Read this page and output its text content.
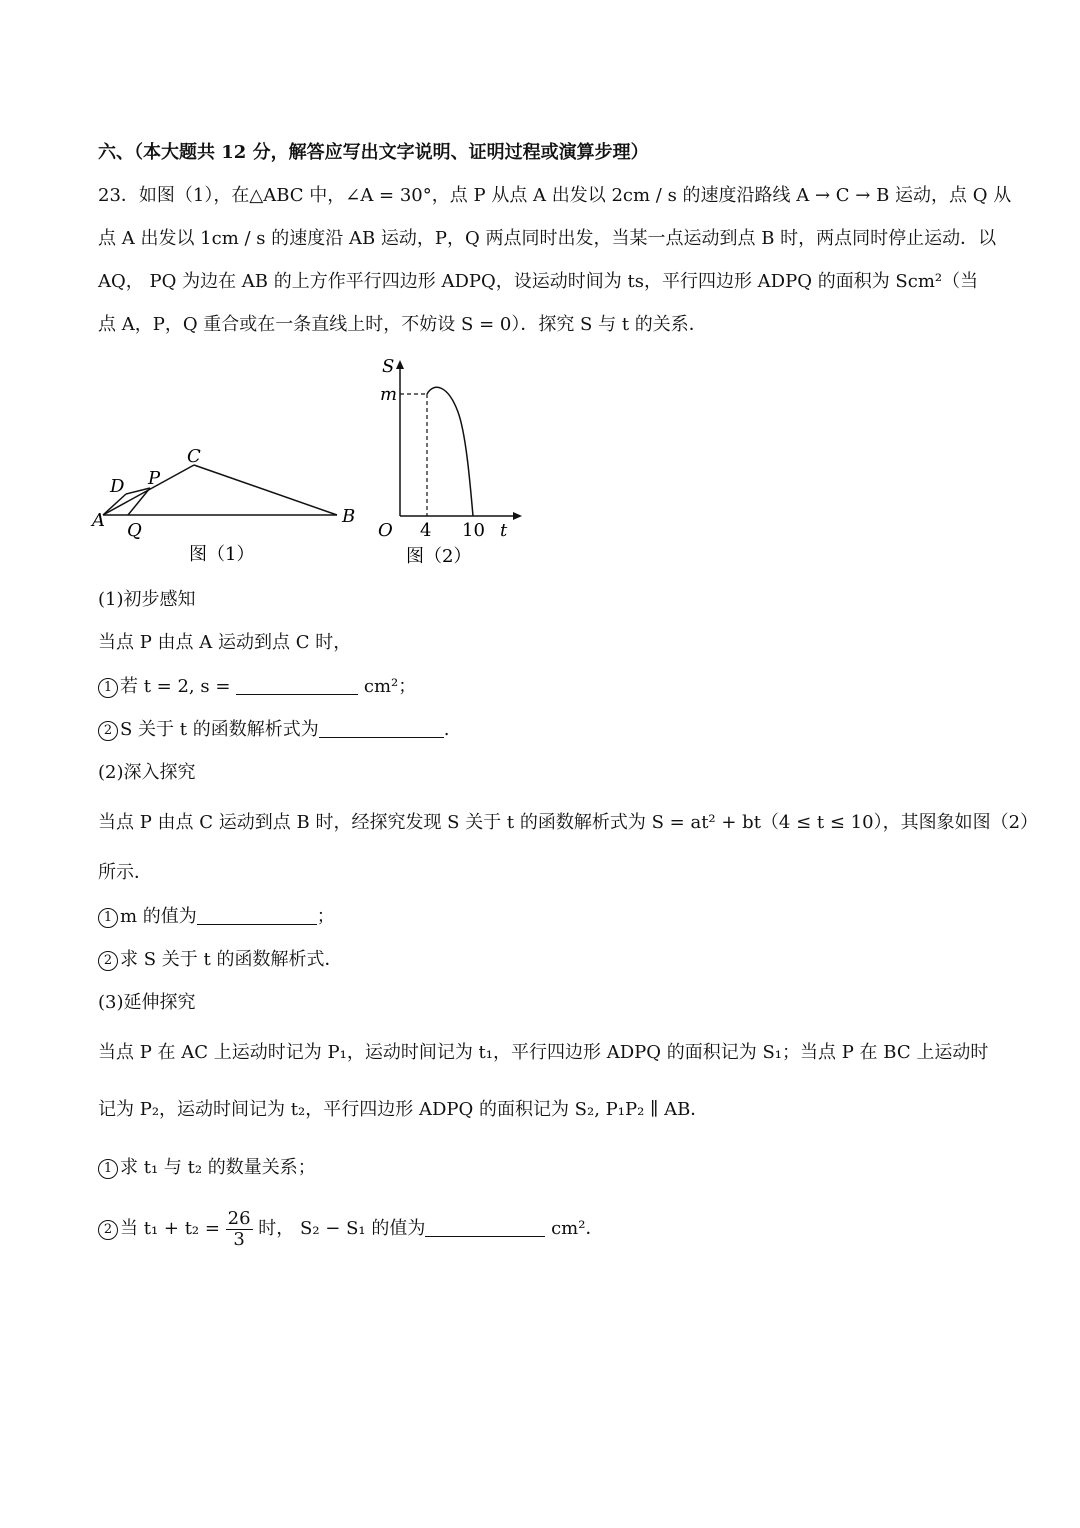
六、（本大题共 12 分，解答应写出文字说明、证明过程或演算步理）
23．如图（1），在△ABC 中，∠A = 30°，点 P 从点 A 出发以 2cm / s 的速度沿路线 A → C → B 运动，点 Q 从
点 A 出发以 1cm / s 的速度沿 AB 运动，P，Q 两点同时出发，当某一点运动到点 B 时，两点同时停止运动．以
AQ， PQ 为边在 AB 的上方作平行四边形 ADPQ，设运动时间为 ts，平行四边形 ADPQ 的面积为 Scm²（当
点 A，P，Q 重合或在一条直线上时，不妨设 S = 0）．探究 S 与 t 的关系．
A	B
C
D P
Q
图（1）
S
m
O 4 10 t
图（2）
(1)初步感知
当点 P 由点 A 运动到点 C 时，
1 若 t = 2, s =	cm²；
2 S 关于 t 的函数解析式为	.
(2)深入探究
当点 P 由点 C 运动到点 B 时，经探究发现 S 关于 t 的函数解析式为 S = at² + bt（4 ≤ t ≤ 10），其图象如图（2）
所示．
1 m 的值为	；
2 求 S 关于 t 的函数解析式．
(3)延伸探究
当点 P 在 AC 上运动时记为 P₁，运动时间记为 t₁，平行四边形 ADPQ 的面积记为 S₁；当点 P 在 BC 上运动时
记为 P₂，运动时间记为 t₂，平行四边形 ADPQ 的面积记为 S₂, P₁P₂ ∥ AB．
1 求 t₁ 与 t₂ 的数量关系；
2 当 $t_1 + t_2 = \frac{26}{3}$ 时， S₂ − S₁ 的值为	cm²．
